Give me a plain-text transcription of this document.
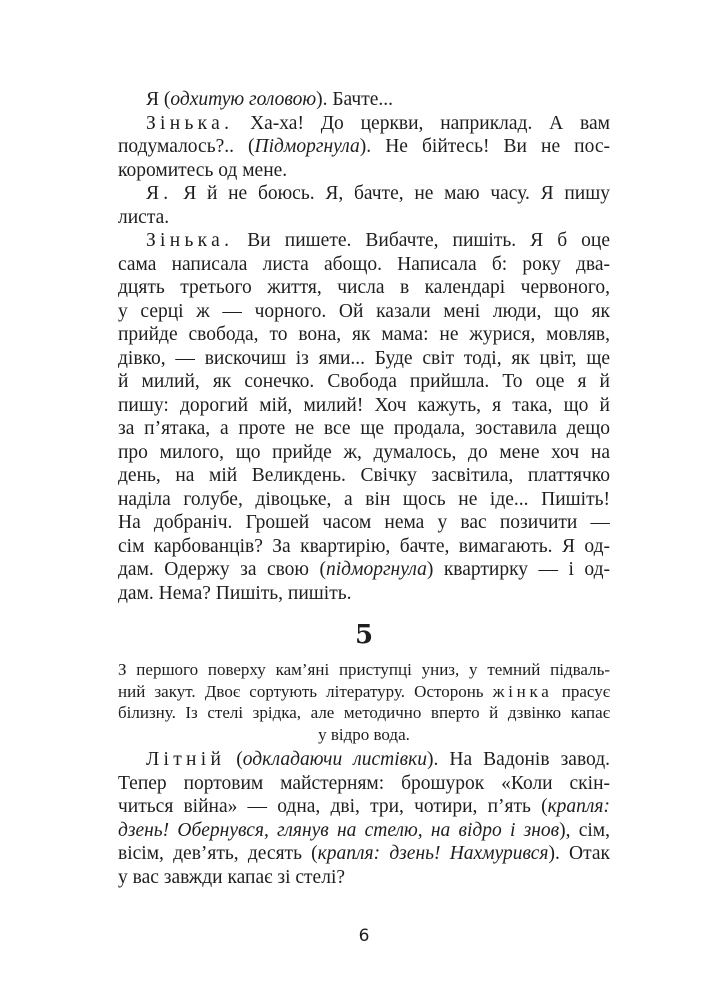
Я (одхитую головою). Бачте...
Зінька. Ха-ха! До церкви, наприклад. А вам
подумалось?.. (Підморгнула). Не бійтесь! Ви не пос-
коромитесь од мене.
Я. Я й не боюсь. Я, бачте, не маю часу. Я пишу
листа.
Зінька. Ви пишете. Вибачте, пишіть. Я б оце
сама написала листа абощо. Написала б: року два-
дцять третього життя, числа в календарі червоного,
у серці ж — чорного. Ой казали мені люди, що як
прийде свобода, то вона, як мама: не журися, мовляв,
дівко, — вискочиш із ями... Буде світ тоді, як цвіт, ще
й милий, як сонечко. Свобода прийшла. То оце я й
пишу: дорогий мій, милий! Хоч кажуть, я така, що й
за п’ятака, а проте не все ще продала, зоставила дещо
про милого, що прийде ж, думалось, до мене хоч на
день, на мій Великдень. Свічку засвітила, платтячко
наділа голубе, дівоцьке, а він щось не іде... Пишіть!
На добраніч. Грошей часом нема у вас позичити —
сім карбованців? За квартирію, бачте, вимагають. Я од-
дам. Одержу за свою (підморгнула) квартирку — і од-
дам. Нема? Пишіть, пишіть.
5
З першого поверху кам’яні приступці униз, у темний підваль-
ний закут. Двоє сортують літературу. Осторонь жінка прасує
білизну. Із стелі зрідка, але методично вперто й дзвінко капає
у відро вода.
Літній (одкладаючи листівки). На Вадонів завод.
Тепер портовим майстерням: брошурок «Коли скін-
читься війна» — одна, дві, три, чотири, п’ять (крапля:
дзень! Обернувся, глянув на стелю, на відро і знов), сім,
вісім, дев’ять, десять (крапля: дзень! Нахмурився). Отак
у вас завжди капає зі стелі?
6
